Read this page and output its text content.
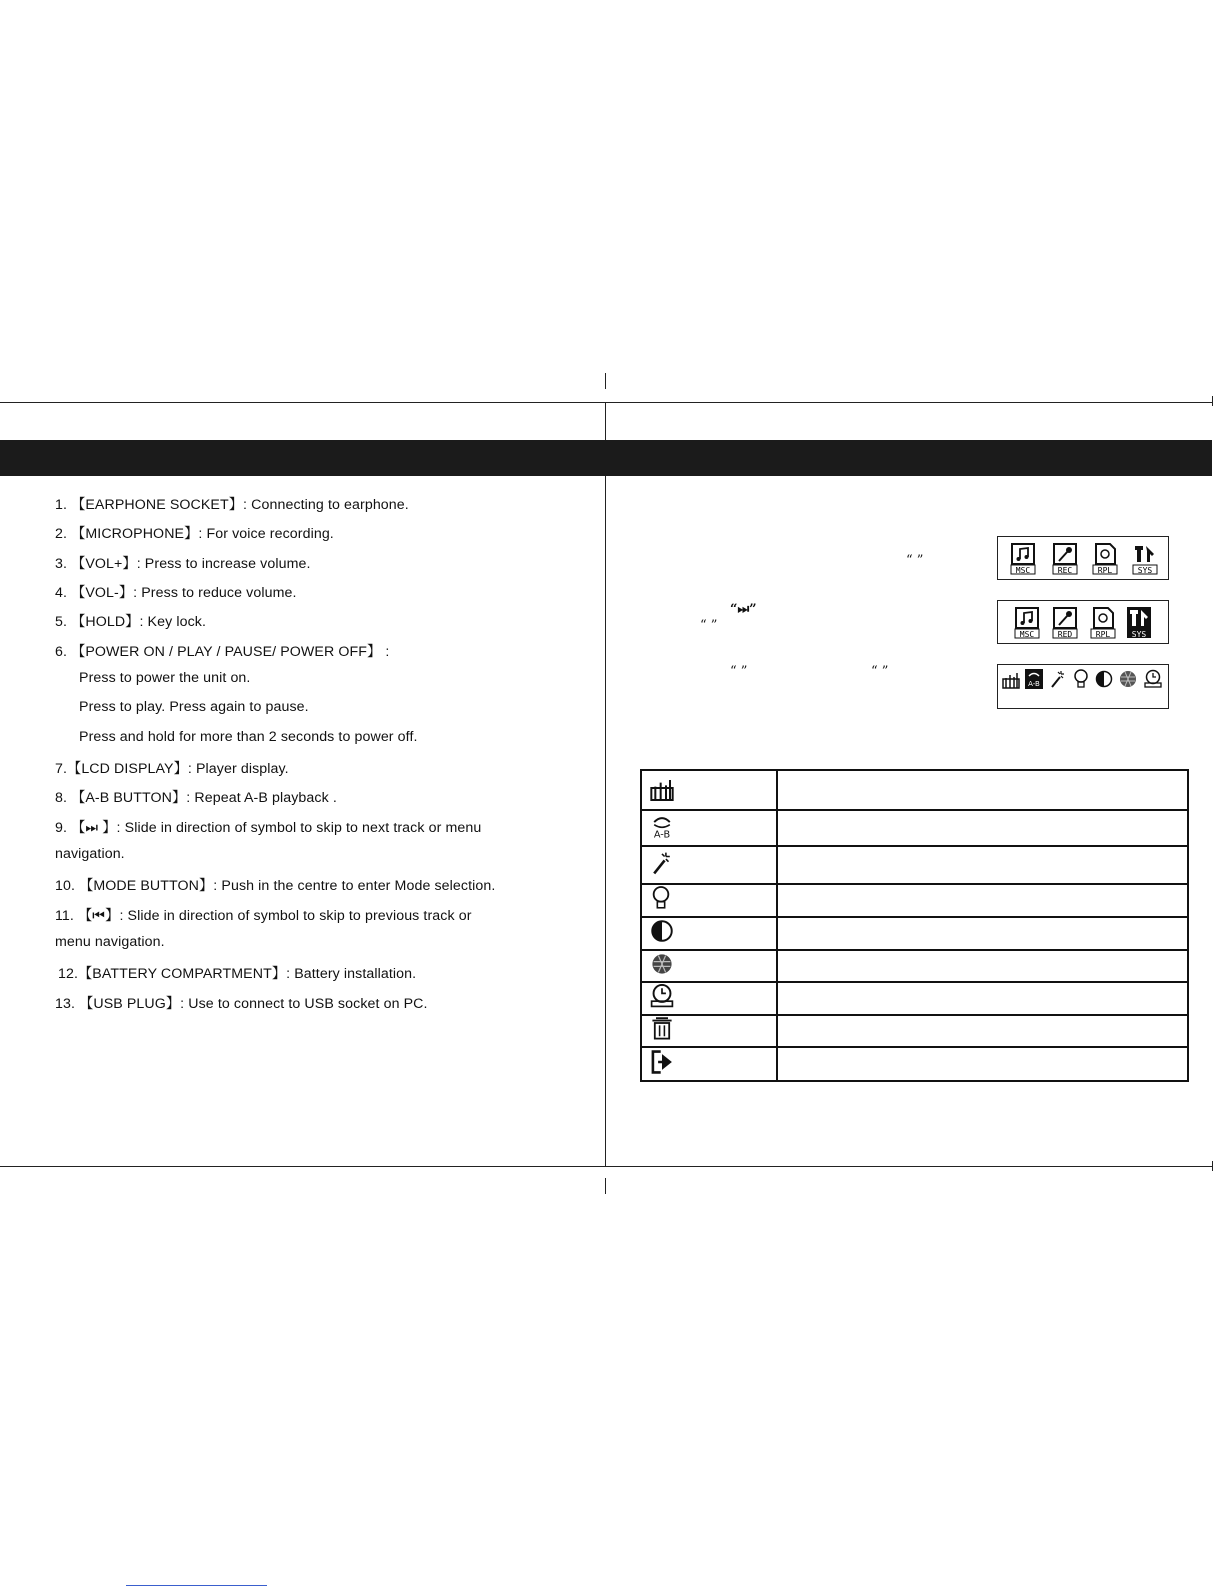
1. 【EARPHONE SOCKET】: Connecting to earphone.
2. 【MICROPHONE】: For voice recording.
3. 【VOL+】: Press to increase volume.
4. 【VOL-】: Press to reduce volume.
5. 【HOLD】: Key lock.
6. 【POWER ON / PLAY / PAUSE/ POWER OFF】 :
Press to power the unit on.
Press to play. Press again to pause.
Press and hold for more than 2 seconds to power off.
7.【LCD DISPLAY】: Player display.
8. 【A-B BUTTON】: Repeat A-B playback .
9. 【⏭ 】: Slide in direction of symbol to skip to next track or menu
navigation.
10. 【MODE BUTTON】: Push in the centre to enter Mode selection.
11. 【⏮】: Slide in direction of symbol to skip to previous track or
menu navigation.
12.【BATTERY COMPARTMENT】: Battery installation.
13. 【USB PLUG】: Use to connect to USB socket on PC.
“ ”
“⏭”
“ ”
“ ”	“ ”
MSC	REC	RPL	SYS
MSC	RED	RPL	SYS
A-B

A-B	
